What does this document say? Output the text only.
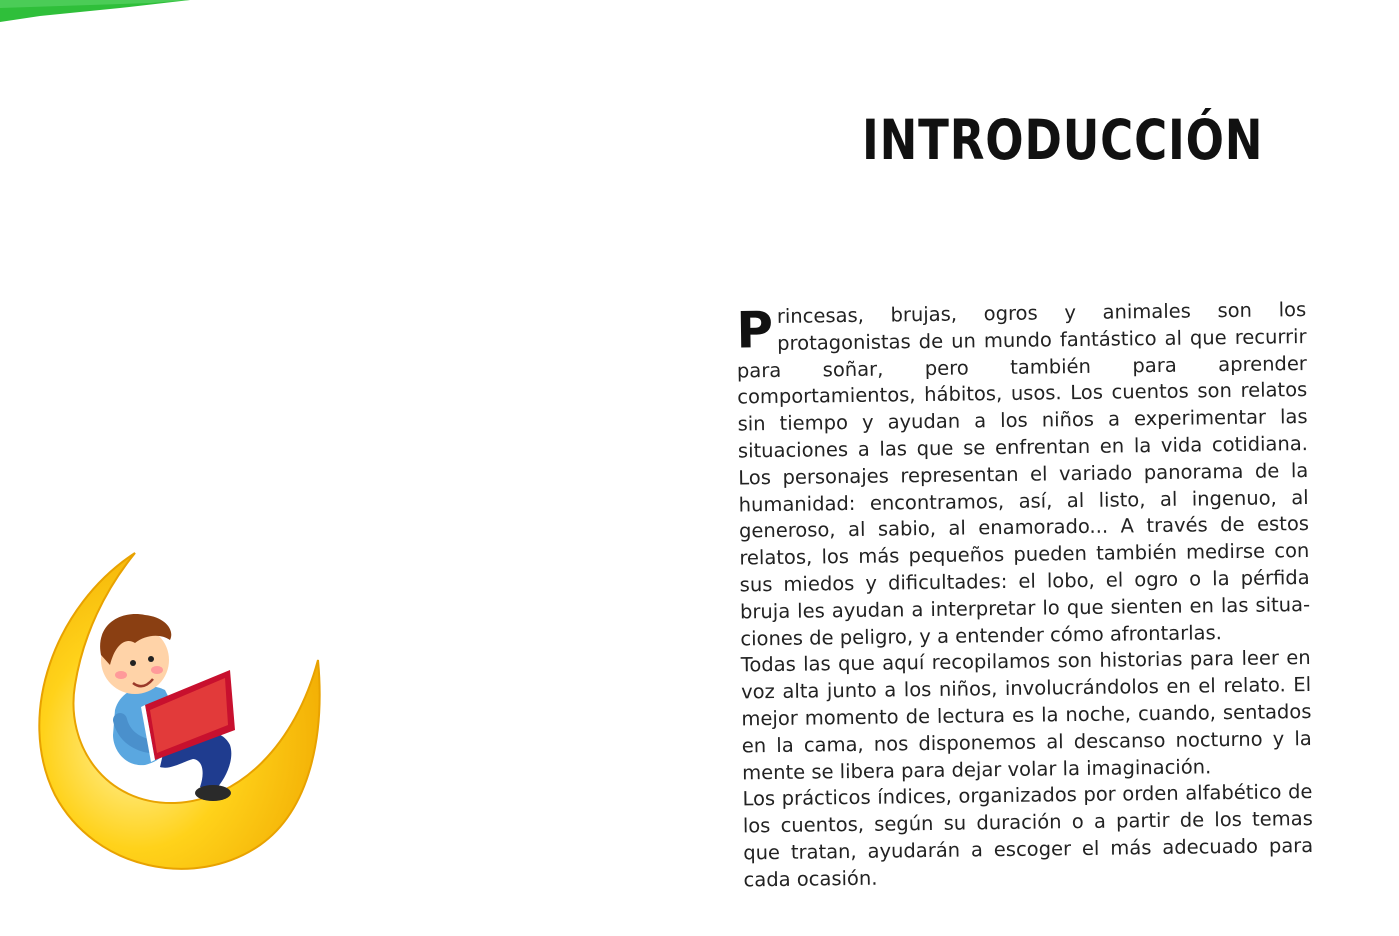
INTRODUCCIÓN

Princesas, brujas, ogros y animales son los protagonistas de un mundo fantástico al que recurrir para soñar, pero también para aprender comportamientos, hábitos, usos. Los cuentos son relatos sin tiempo y ayudan a los niños a experimentar las situaciones a las que se enfrentan en la vida cotidiana. Los personajes representan el variado panorama de la humanidad: encontramos, así, al listo, al ingenuo, al generoso, al sabio, al enamorado... A través de estos relatos, los más pequeños pueden también medirse con sus miedos y dificultades: el lobo, el ogro o la pérfida bruja les ayudan a interpretar lo que sienten en las situaciones de peligro, y a entender cómo afrontarlas.

Todas las que aquí recopilamos son historias para leer en voz alta junto a los niños, involucrándolos en el relato. El mejor momento de lectura es la noche, cuando, sentados en la cama, nos disponemos al descanso nocturno y la mente se libera para dejar volar la imaginación.

Los prácticos índices, organizados por orden alfabético de los cuentos, según su duración o a partir de los temas que tratan, ayudarán a escoger el más adecuado para cada ocasión.
